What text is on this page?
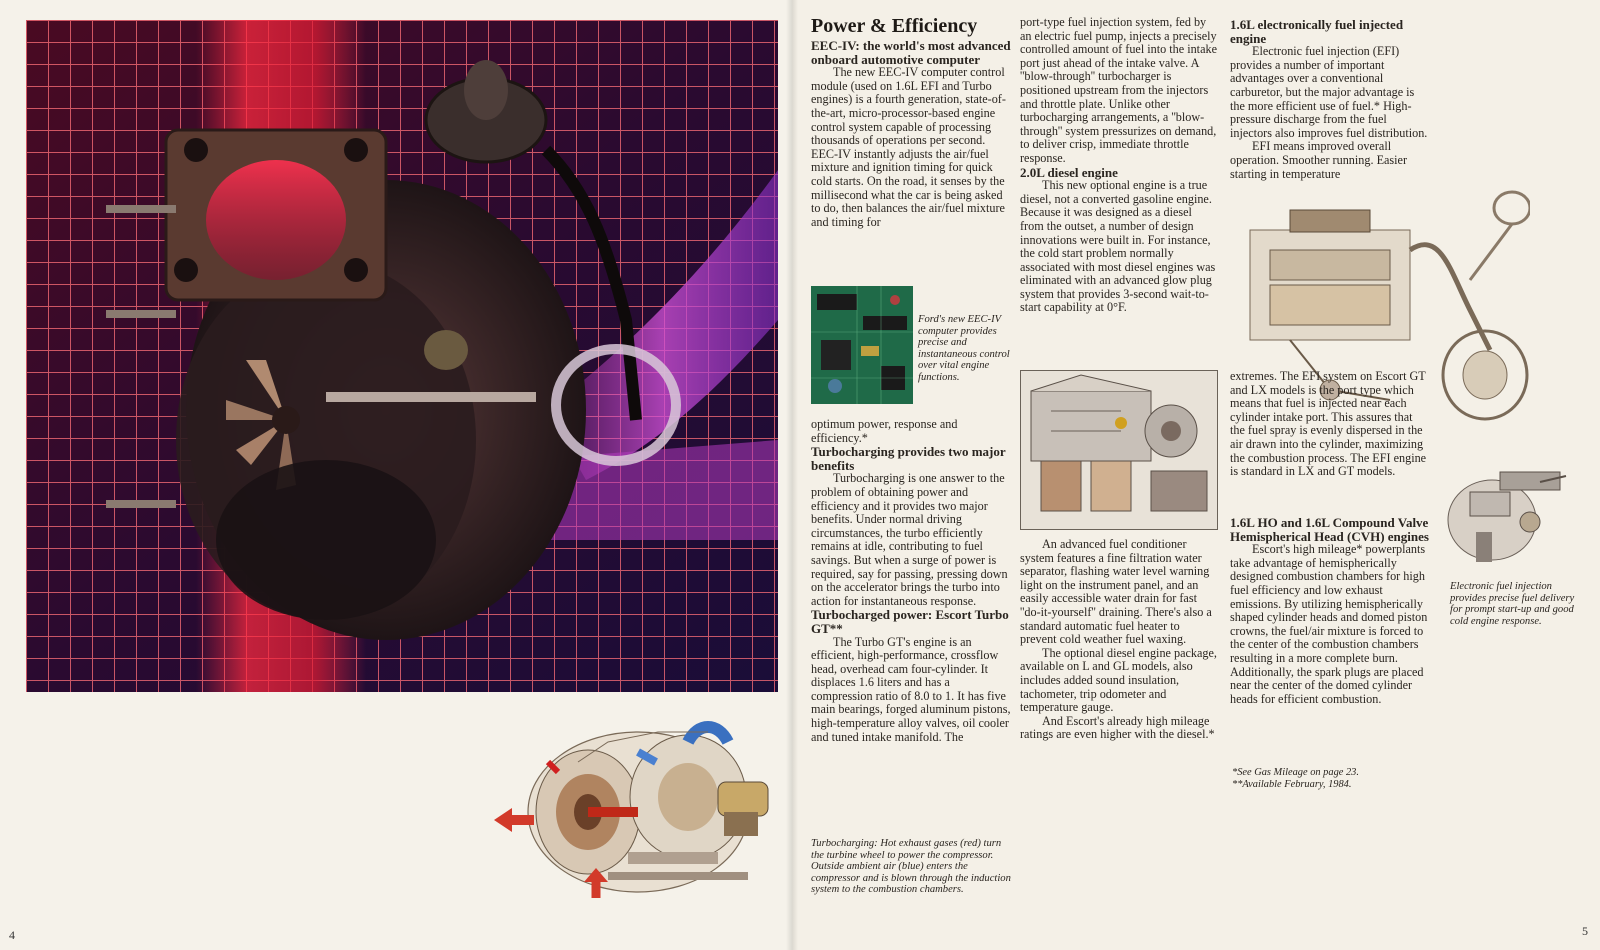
Power & Efficiency
EEC-IV: the world's most advanced onboard automotive computer

The new EEC-IV computer control module (used on 1.6L EFI and Turbo engines) is a fourth generation, state-of-the-art, micro-processor-based engine control system capable of processing thousands of operations per second. EEC-IV instantly adjusts the air/fuel mixture and ignition timing for quick cold starts. On the road, it senses by the millisecond what the car is being asked to do, then balances the air/fuel mixture and timing for

Ford's new EEC-IV computer provides precise and instantaneous control over vital engine functions.

optimum power, response and efficiency.*

Turbocharging provides two major benefits

Turbocharging is one answer to the problem of obtaining power and efficiency and it provides two major benefits. Under normal driving circumstances, the turbo efficiently remains at idle, contributing to fuel savings. But when a surge of power is required, say for passing, pressing down on the accelerator brings the turbo into action for instantaneous response.

Turbocharged power: Escort Turbo GT**

The Turbo GT's engine is an efficient, high-performance, crossflow head, overhead cam four-cylinder. It displaces 1.6 liters and has a compression ratio of 8.0 to 1. It has five main bearings, forged aluminum pistons, high-temperature alloy valves, oil cooler and tuned intake manifold. The

Turbocharging: Hot exhaust gases (red) turn the turbine wheel to power the compressor. Outside ambient air (blue) enters the compressor and is blown through the induction system to the combustion chambers.

port-type fuel injection system, fed by an electric fuel pump, injects a precisely controlled amount of fuel into the intake port just ahead of the intake valve. A ''blow-through'' turbocharger is positioned upstream from the injectors and throttle plate. Unlike other turbocharging arrangements, a ''blow-through'' system pressurizes on demand, to deliver crisp, immediate throttle response.

2.0L diesel engine

This new optional engine is a true diesel, not a converted gasoline engine. Because it was designed as a diesel from the outset, a number of design innovations were built in. For instance, the cold start problem normally associated with most diesel engines was eliminated with an advanced glow plug system that provides 3-second wait-to-start capability at 0°F.

An advanced fuel conditioner system features a fine filtration water separator, flashing water level warning light on the instrument panel, and an easily accessible water drain for fast ''do-it-yourself'' draining. There's also a standard automatic fuel heater to prevent cold weather fuel waxing.

The optional diesel engine package, available on L and GL models, also includes added sound insulation, tachometer, trip odometer and temperature gauge.

And Escort's already high mileage ratings are even higher with the diesel.*

1.6L electronically fuel injected engine

Electronic fuel injection (EFI) provides a number of important advantages over a conventional carburetor, but the major advantage is the more efficient use of fuel.* High-pressure discharge from the fuel injectors also improves fuel distribution.

EFI means improved overall operation. Smoother running. Easier starting in temperature

extremes. The EFI system on Escort GT and LX models is the port type which means that fuel is injected near each cylinder intake port. This assures that the fuel spray is evenly dispersed in the air drawn into the cylinder, maximizing the combustion process. The EFI engine is standard in LX and GT models.

Electronic fuel injection provides precise fuel delivery for prompt start-up and good cold engine response.
1.6L HO and 1.6L Compound Valve Hemispherical Head (CVH) engines

Escort's high mileage* powerplants take advantage of hemispherically designed combustion chambers for high fuel efficiency and low exhaust emissions. By utilizing hemispherically shaped cylinder heads and domed piston crowns, the fuel/air mixture is forced to the center of the combustion chambers resulting in a more complete burn. Additionally, the spark plugs are placed near the center of the domed cylinder heads for efficient combustion.

*See Gas Mileage on page 23.
**Available February, 1984.
4	5
